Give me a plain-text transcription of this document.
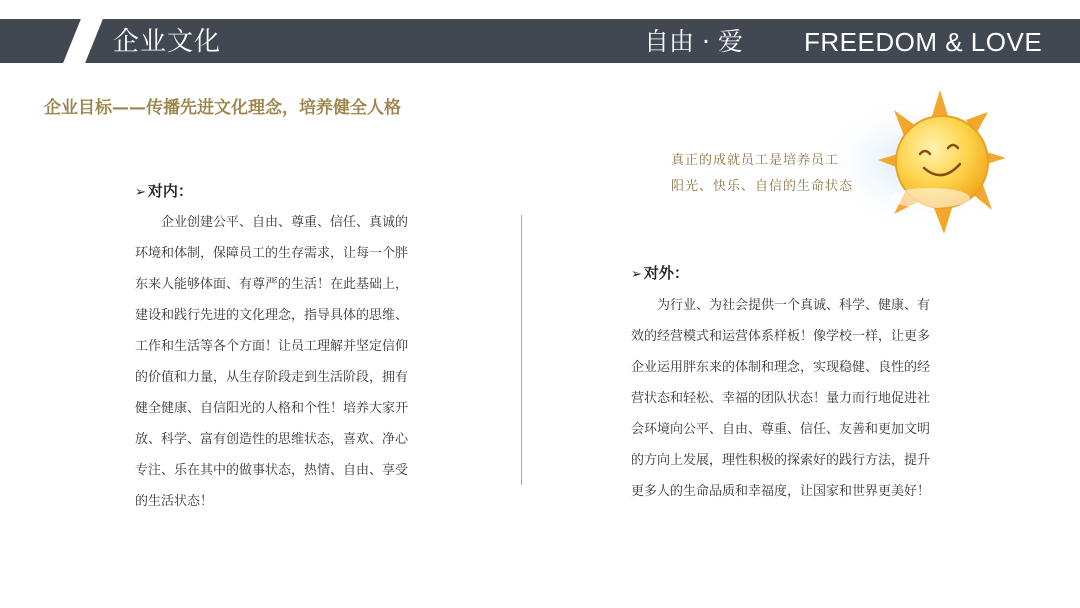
企业文化	自由 · 爱 FREEDOM & LOVE
企业目标——传播先进文化理念，培养健全人格
真正的成就员工是培养员工
阳光、快乐、自信的生命状态
➢ 对内：
企业创建公平、自由、尊重、信任、真诚的环境和体制，保障员工的生存需求，让每一个胖东来人能够体面、有尊严的生活！在此基础上，建设和践行先进的文化理念，指导具体的思维、工作和生活等各个方面！让员工理解并坚定信仰的价值和力量，从生存阶段走到生活阶段，拥有健全健康、自信阳光的人格和个性！培养大家开放、科学、富有创造性的思维状态，喜欢、净心专注、乐在其中的做事状态，热情、自由、享受的生活状态！
➢ 对外：
为行业、为社会提供一个真诚、科学、健康、有效的经营模式和运营体系样板！像学校一样，让更多企业运用胖东来的体制和理念，实现稳健、良性的经营状态和轻松、幸福的团队状态！量力而行地促进社会环境向公平、自由、尊重、信任、友善和更加文明的方向上发展，理性积极的探索好的践行方法，提升更多人的生命品质和幸福度，让国家和世界更美好！
